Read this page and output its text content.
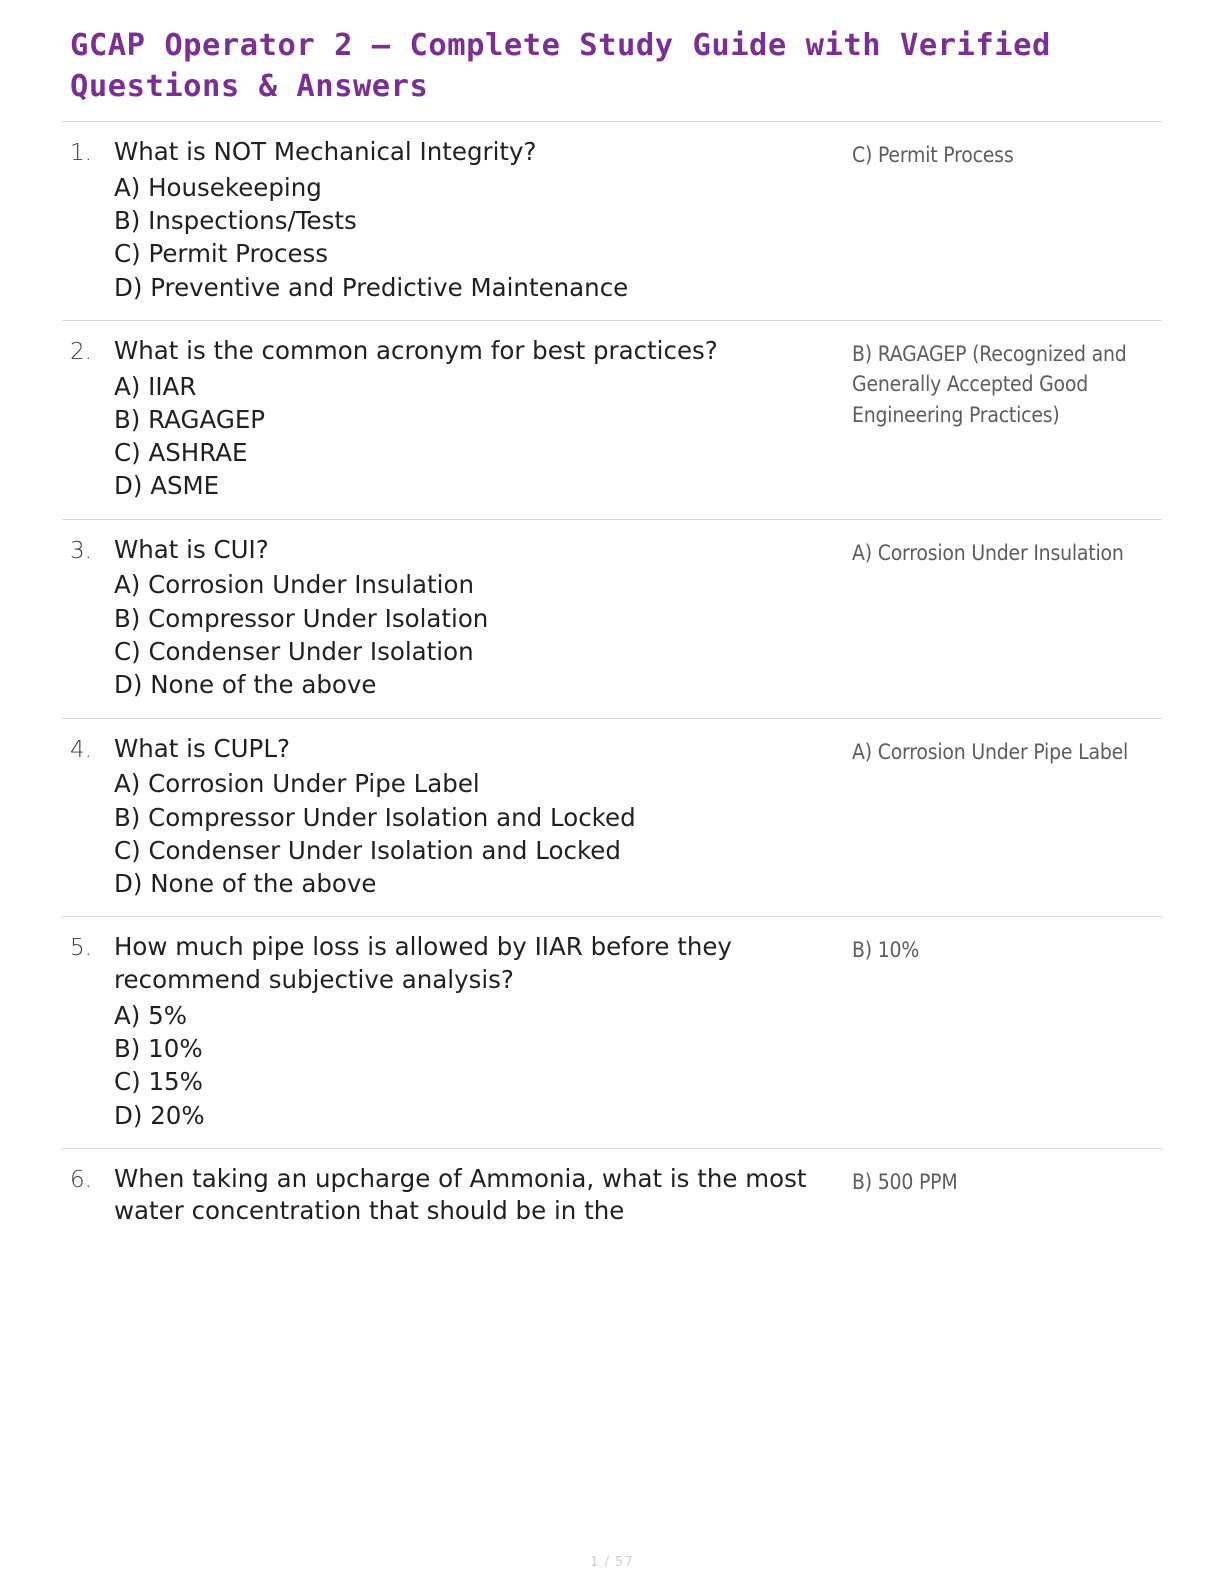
GCAP Operator 2 – Complete Study Guide with Verified Questions & Answers
1. What is NOT Mechanical Integrity?
A) Housekeeping
B) Inspections/Tests
C) Permit Process
D) Preventive and Predictive Maintenance
C) Permit Process
2. What is the common acronym for best practices?
A) IIAR
B) RAGAGEP
C) ASHRAE
D) ASME
B) RAGAGEP (Recognized and Generally Accepted Good Engineering Practices)
3. What is CUI?
A) Corrosion Under Insulation
B) Compressor Under Isolation
C) Condenser Under Isolation
D) None of the above
A) Corrosion Under Insulation
4. What is CUPL?
A) Corrosion Under Pipe Label
B) Compressor Under Isolation and Locked
C) Condenser Under Isolation and Locked
D) None of the above
A) Corrosion Under Pipe Label
5. How much pipe loss is allowed by IIAR before they recommend subjective analysis?
A) 5%
B) 10%
C) 15%
D) 20%
B) 10%
6. When taking an upcharge of Ammonia, what is the most water concentration that should be in the
B) 500 PPM
1 / 57
